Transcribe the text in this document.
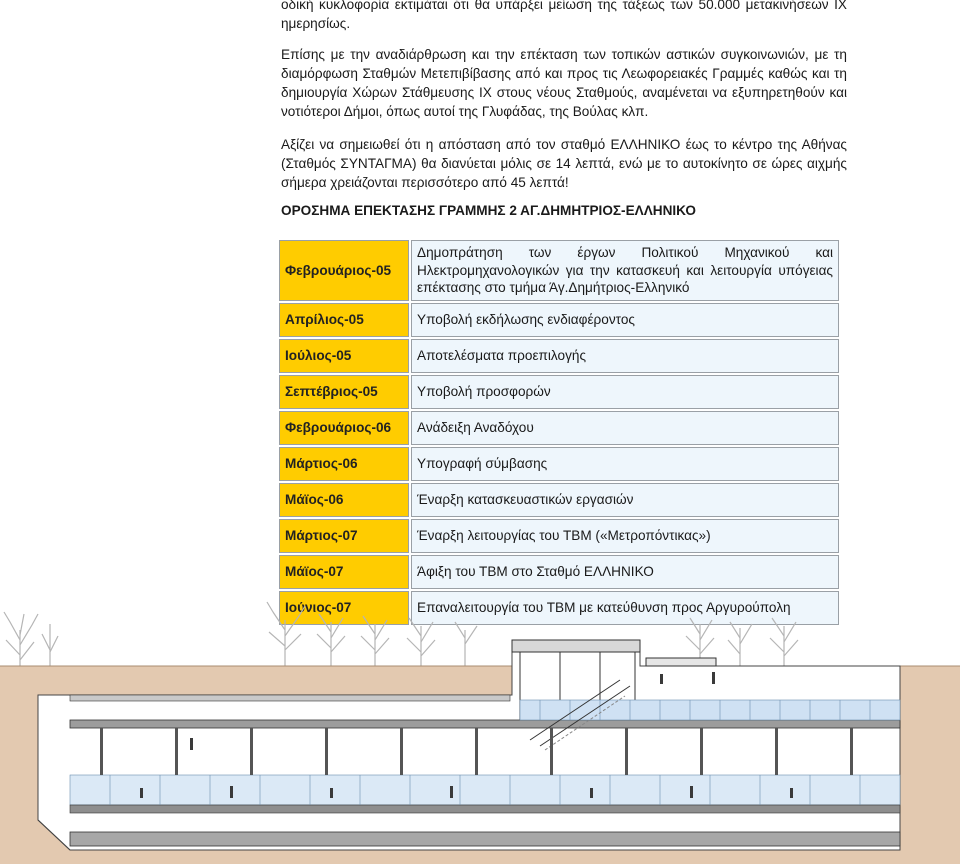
οδική κυκλοφορία εκτιμάται ότι θα υπάρξει μείωση της τάξεως των 50.000 μετακινήσεων ΙΧ ημερησίως.

Επίσης με την αναδιάρθρωση και την επέκταση των τοπικών αστικών συγκοινωνιών, με τη διαμόρφωση Σταθμών Μετεπιβίβασης από και προς τις Λεωφορειακές Γραμμές καθώς και τη δημιουργία Χώρων Στάθμευσης ΙΧ στους νέους Σταθμούς, αναμένεται να εξυπηρετηθούν και νοτιότεροι Δήμοι, όπως αυτοί της Γλυφάδας, της Βούλας κλπ.

Αξίζει να σημειωθεί ότι η απόσταση από τον σταθμό ΕΛΛΗΝΙΚΟ έως το κέντρο της Αθήνας (Σταθμός ΣΥΝΤΑΓΜΑ) θα διανύεται μόλις σε 14 λεπτά, ενώ με το αυτοκίνητο σε ώρες αιχμής σήμερα χρειάζονται περισσότερο από 45 λεπτά!

ΟΡΟΣΗΜΑ ΕΠΕΚΤΑΣΗΣ ΓΡΑΜΜΗΣ 2 ΑΓ.ΔΗΜΗΤΡΙΟΣ-ΕΛΛΗΝΙΚΟ

Φεβρουάριος-05	Δημοπράτηση των έργων Πολιτικού Μηχανικού και Ηλεκτρομηχανολογικών για την κατασκευή και λειτουργία υπόγειας επέκτασης στο τμήμα Άγ.Δημήτριος-Ελληνικό
Απρίλιος-05	Υποβολή εκδήλωσης ενδιαφέροντος
Ιούλιος-05	Αποτελέσματα προεπιλογής
Σεπτέβριος-05	Υποβολή προσφορών
Φεβρουάριος-06	Ανάδειξη Αναδόχου
Μάρτιος-06	Υπογραφή σύμβασης
Μάϊος-06	Έναρξη κατασκευαστικών εργασιών
Μάρτιος-07	Έναρξη λειτουργίας του ΤΒΜ («Μετροπόντικας»)
Μάϊος-07	Άφιξη του ΤΒΜ στο Σταθμό ΕΛΛΗΝΙΚΟ
Ιούνιος-07	Επαναλειτουργία του ΤΒΜ με κατεύθυνση προς Αργυρούπολη
